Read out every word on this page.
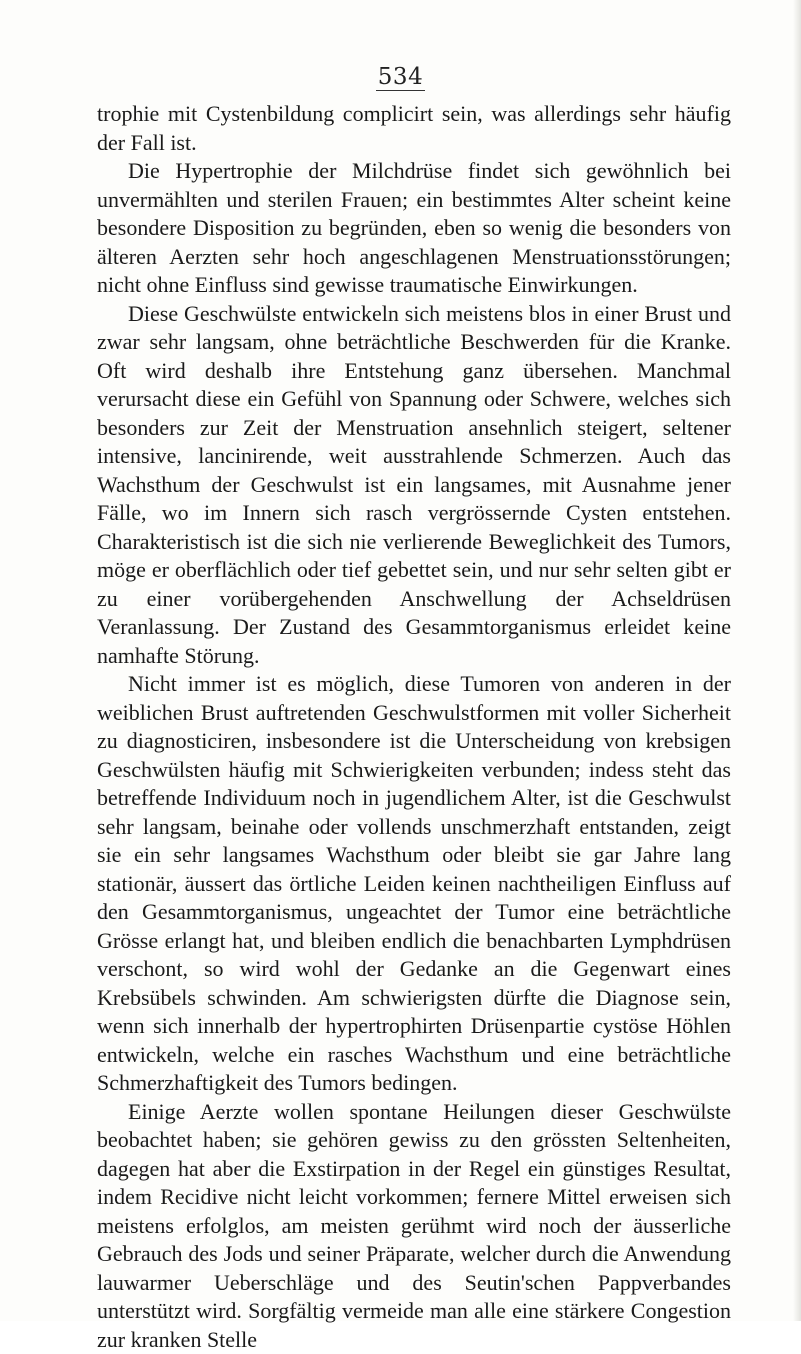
534

trophie mit Cystenbildung complicirt sein, was allerdings sehr häufig der Fall ist.

Die Hypertrophie der Milchdrüse findet sich gewöhnlich bei unvermählten und sterilen Frauen; ein bestimmtes Alter scheint keine besondere Disposition zu begründen, eben so wenig die besonders von älteren Aerzten sehr hoch angeschlagenen Menstruationsstörungen; nicht ohne Einfluss sind gewisse traumatische Einwirkungen.

Diese Geschwülste entwickeln sich meistens blos in einer Brust und zwar sehr langsam, ohne beträchtliche Beschwerden für die Kranke. Oft wird deshalb ihre Entstehung ganz übersehen. Manchmal verursacht diese ein Gefühl von Spannung oder Schwere, welches sich besonders zur Zeit der Menstruation ansehnlich steigert, seltener intensive, lancinirende, weit ausstrahlende Schmerzen. Auch das Wachsthum der Geschwulst ist ein langsames, mit Ausnahme jener Fälle, wo im Innern sich rasch vergrössernde Cysten entstehen. Charakteristisch ist die sich nie verlierende Beweglichkeit des Tumors, möge er oberflächlich oder tief gebettet sein, und nur sehr selten gibt er zu einer vorübergehenden Anschwellung der Achseldrüsen Veranlassung. Der Zustand des Gesammtorganismus erleidet keine namhafte Störung.

Nicht immer ist es möglich, diese Tumoren von anderen in der weiblichen Brust auftretenden Geschwulstformen mit voller Sicherheit zu diagnosticiren, insbesondere ist die Unterscheidung von krebsigen Geschwülsten häufig mit Schwierigkeiten verbunden; indess steht das betreffende Individuum noch in jugendlichem Alter, ist die Geschwulst sehr langsam, beinahe oder vollends unschmerzhaft entstanden, zeigt sie ein sehr langsames Wachsthum oder bleibt sie gar Jahre lang stationär, äussert das örtliche Leiden keinen nachtheiligen Einfluss auf den Gesammtorganismus, ungeachtet der Tumor eine beträchtliche Grösse erlangt hat, und bleiben endlich die benachbarten Lymphdrüsen verschont, so wird wohl der Gedanke an die Gegenwart eines Krebsübels schwinden. Am schwierigsten dürfte die Diagnose sein, wenn sich innerhalb der hypertrophirten Drüsenpartie cystöse Höhlen entwickeln, welche ein rasches Wachsthum und eine beträchtliche Schmerzhaftigkeit des Tumors bedingen.

Einige Aerzte wollen spontane Heilungen dieser Geschwülste beobachtet haben; sie gehören gewiss zu den grössten Seltenheiten, dagegen hat aber die Exstirpation in der Regel ein günstiges Resultat, indem Recidive nicht leicht vorkommen; fernere Mittel erweisen sich meistens erfolglos, am meisten gerühmt wird noch der äusserliche Gebrauch des Jods und seiner Präparate, welcher durch die Anwendung lauwarmer Ueberschläge und des Seutin'schen Pappverbandes unterstützt wird. Sorgfältig vermeide man alle eine stärkere Congestion zur kranken Stelle
